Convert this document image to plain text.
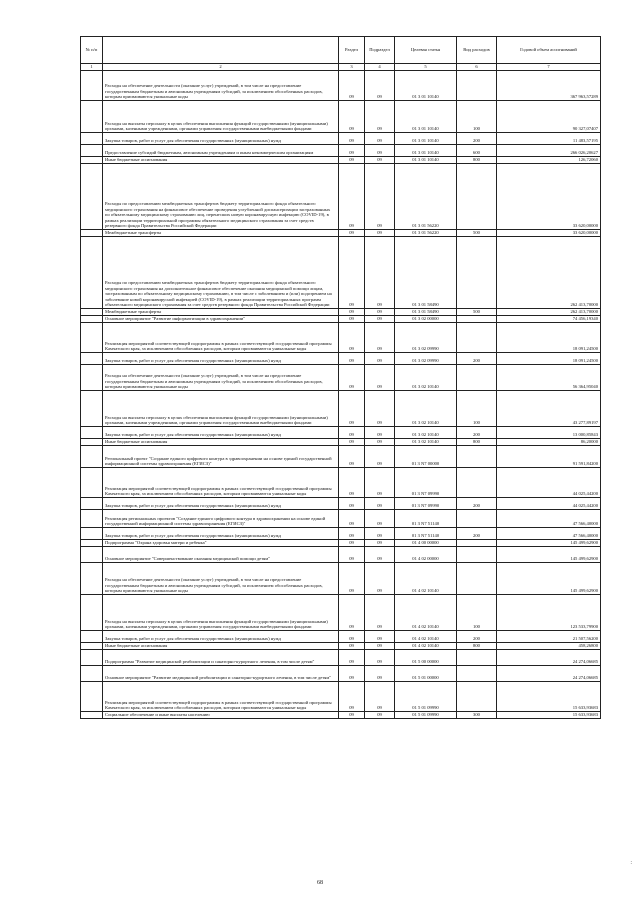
№ п/п		Раздел	Подраздел	Целевая статья	Вид расходов	Годовой объем ассигнований
1	2	3	4	5	6	7
	Расходы на обеспечение деятельности (оказание услуг) учреждений, в том числе на предоставление государственным бюджетным и автономным учреждениям субсидий, за исключением обособленных расходов, которым присваиваются уникальные коды	09	09	01 3 01 10140		367 963,57289
	Расходы на выплаты персоналу в целях обеспечения выполнения функций государственными (муниципальными) органами, казенными учреждениями, органами управления государственными внебюджетными фондами	09	09	01 3 01 10140	100	90 327,07407
	Закупка товаров, работ и услуг для обеспечения государственных (муниципальных) нужд	09	09	01 3 01 10140	200	11 483,57195
	Предоставление субсидий бюджетным, автономным учреждениям и иным некоммерческим организациям	09	09	01 3 01 10140	600	266 026,20627
	Иные бюджетные ассигнования	09	09	01 3 01 10140	800	126,72060
	Расходы по предоставлению межбюджетных трансфертов бюджету территориального фонда обязательного медицинского страхования на финансовое обеспечение проведения углубленной диспансеризации застрахованных по обязательному медицинскому страхованию лиц, перенесших новую коронавирусную инфекцию (COVID-19), в рамках реализации территориальной программы обязательного медицинского страхования за счет средств резервного фонда Правительства Российской Федерации	09	09	01 3 01 56220		33 620,00000
	Межбюджетные трансферты	09	09	01 3 01 56220	500	33 620,00000
	Расходы по предоставлению межбюджетных трансфертов бюджету территориального фонда обязательного медицинского страхования на дополнительное финансовое обеспечение оказания медицинской помощи лицам, застрахованным по обязательному медицинскому страхованию, в том числе с заболеванием и (или) подозрением на заболевание новой коронавирусной инфекцией (COVID-19), в рамках реализации территориальных программ обязательного медицинского страхования за счет средств резервного фонда Правительства Российской Федерации	09	09	01 3 01 58490		262 413,70000
	Межбюджетные трансферты	09	09	01 3 01 58490	500	262 413,70000
	Основное мероприятие "Развитие информатизации в здравоохранении"	09	09	01 3 02 00000		74 456,19340
	Реализация мероприятий соответствующей подпрограммы в рамках соответствующей государственной программы Камчатского края, за исключением обособленных расходов, которым присваиваются уникальные коды	09	09	01 3 02 09990		18 091,24500
	Закупка товаров, работ и услуг для обеспечения государственных (муниципальных) нужд	09	09	01 3 02 09990	200	18 091,24500
	Расходы на обеспечение деятельности (оказание услуг) учреждений, в том числе на предоставление государственным бюджетным и автономным учреждениям субсидий, за исключением обособленных расходов, которым присваиваются уникальные коды	09	09	01 3 02 10140		56 364,95040
	Расходы на выплаты персоналу в целях обеспечения выполнения функций государственными (муниципальными) органами, казенными учреждениями, органами управления государственными внебюджетными фондами	09	09	01 3 02 10140	100	43 277,89197
	Закупка товаров, работ и услуг для обеспечения государственных (муниципальных) нужд	09	09	01 3 02 10140	200	13 000,85843
	Иные бюджетные ассигнования	09	09	01 3 02 10140	800	86,20000
	Региональный проект "Создание единого цифрового контура в здравоохранении на основе единой государственной информационной системы здравоохранения (ЕГИСЗ)"	09	09	01 3 N7 00000		91 591,84200
	Реализация мероприятий соответствующей подпрограммы в рамках соответствующей государственной программы Камчатского края, за исключением обособленных расходов, которым присваиваются уникальные коды	09	09	01 3 N7 09990		44 025,44200
	Закупка товаров, работ и услуг для обеспечения государственных (муниципальных) нужд	09	09	01 3 N7 09990	200	44 025,44200
	Реализация региональных проектов "Создание единого цифрового контура в здравоохранении на основе единой государственной информационной системы здравоохранения (ЕГИСЗ)"	09	09	01 3 N7 51140		47 566,40000
	Закупка товаров, работ и услуг для обеспечения государственных (муниципальных) нужд	09	09	01 3 N7 51140	200	47 566,40000
	Подпрограмма "Охрана здоровья матери и ребенка"	09	09	01 4 00 00000		145 499,62900
	Основное мероприятие "Совершенствование оказания медицинской помощи детям"	09	09	01 4 02 00000		145 499,62900
	Расходы на обеспечение деятельности (оказание услуг) учреждений, в том числе на предоставление государственным бюджетным и автономным учреждениям субсидий, за исключением обособленных расходов, которым присваиваются уникальные коды	09	09	01 4 02 10140		145 499,62900
	Расходы на выплаты персоналу в целях обеспечения выполнения функций государственными (муниципальными) органами, казенными учреждениями, органами управления государственными внебюджетными фондами	09	09	01 4 02 10140	100	123 533,79900
	Закупка товаров, работ и услуг для обеспечения государственных (муниципальных) нужд	09	09	01 4 02 10140	200	21 507,56200
	Иные бюджетные ассигнования	09	09	01 4 02 10140	800	458,26800
	Подпрограмма "Развитие медицинской реабилитации и санаторно-курортного лечения, в том числе детям"	09	09	01 5 00 00000		24 274,06685
	Основное мероприятие "Развитие медицинской реабилитации и санаторно-курортного лечения, в том числе детям"	09	09	01 5 01 00000		24 274,06685
	Реализация мероприятий соответствующей подпрограммы в рамках соответствующей государственной программы Камчатского края, за исключением обособленных расходов, которым присваиваются уникальные коды	09	09	01 5 01 09990		15 633,93683
	Социальное обеспечение и иные выплаты населению	09	09	01 5 01 09990	300	15 633,93683
68
:
